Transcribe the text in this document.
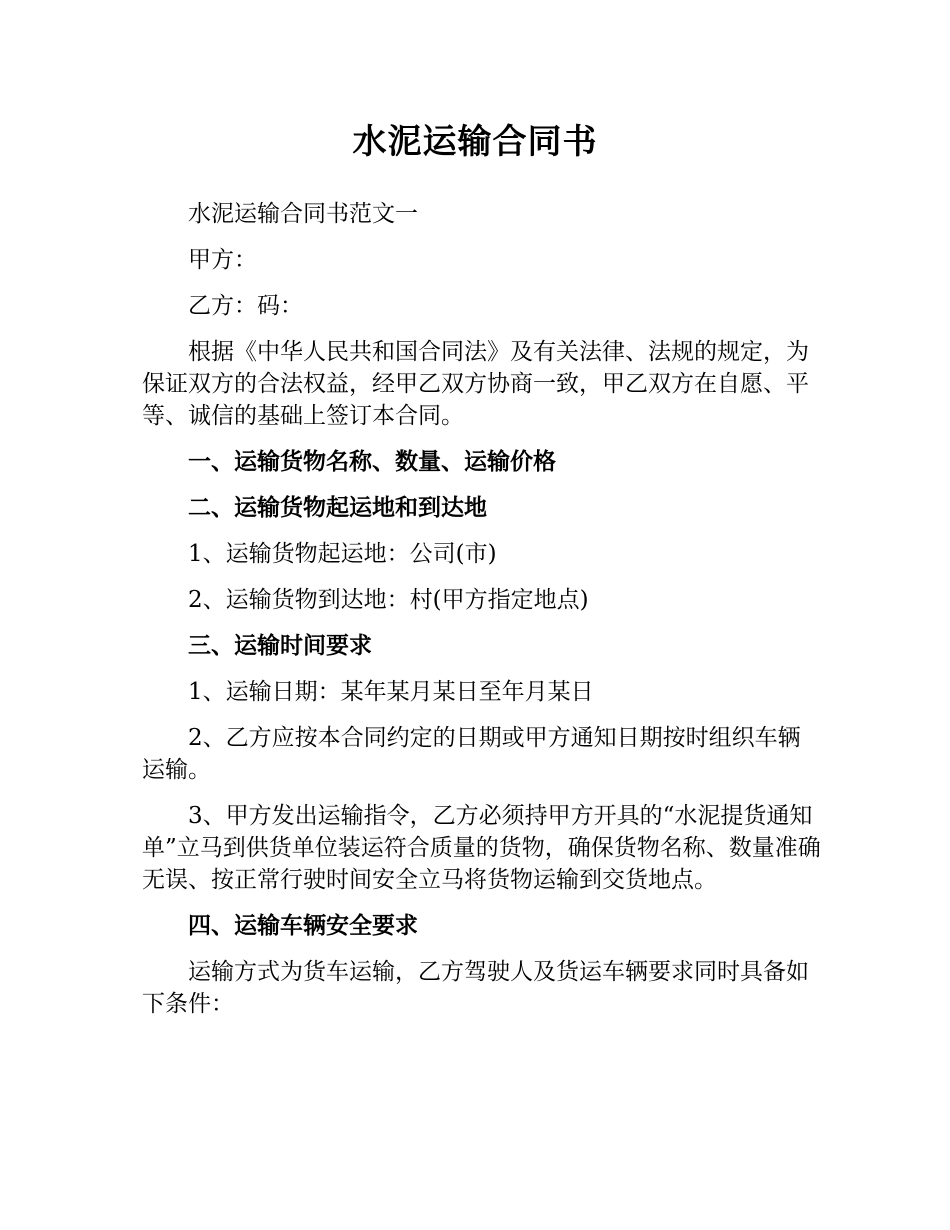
水泥运输合同书

水泥运输合同书范文一

甲方：

乙方：码：

根据《中华人民共和国合同法》及有关法律、法规的规定，为保证双方的合法权益，经甲乙双方协商一致，甲乙双方在自愿、平等、诚信的基础上签订本合同。

一、运输货物名称、数量、运输价格

二、运输货物起运地和到达地

1、运输货物起运地：公司(市)

2、运输货物到达地：村(甲方指定地点)

三、运输时间要求

1、运输日期：某年某月某日至年月某日

2、乙方应按本合同约定的日期或甲方通知日期按时组织车辆运输。

3、甲方发出运输指令，乙方必须持甲方开具的“水泥提货通知单”立马到供货单位装运符合质量的货物，确保货物名称、数量准确无误、按正常行驶时间安全立马将货物运输到交货地点。

四、运输车辆安全要求

运输方式为货车运输，乙方驾驶人及货运车辆要求同时具备如下条件：
